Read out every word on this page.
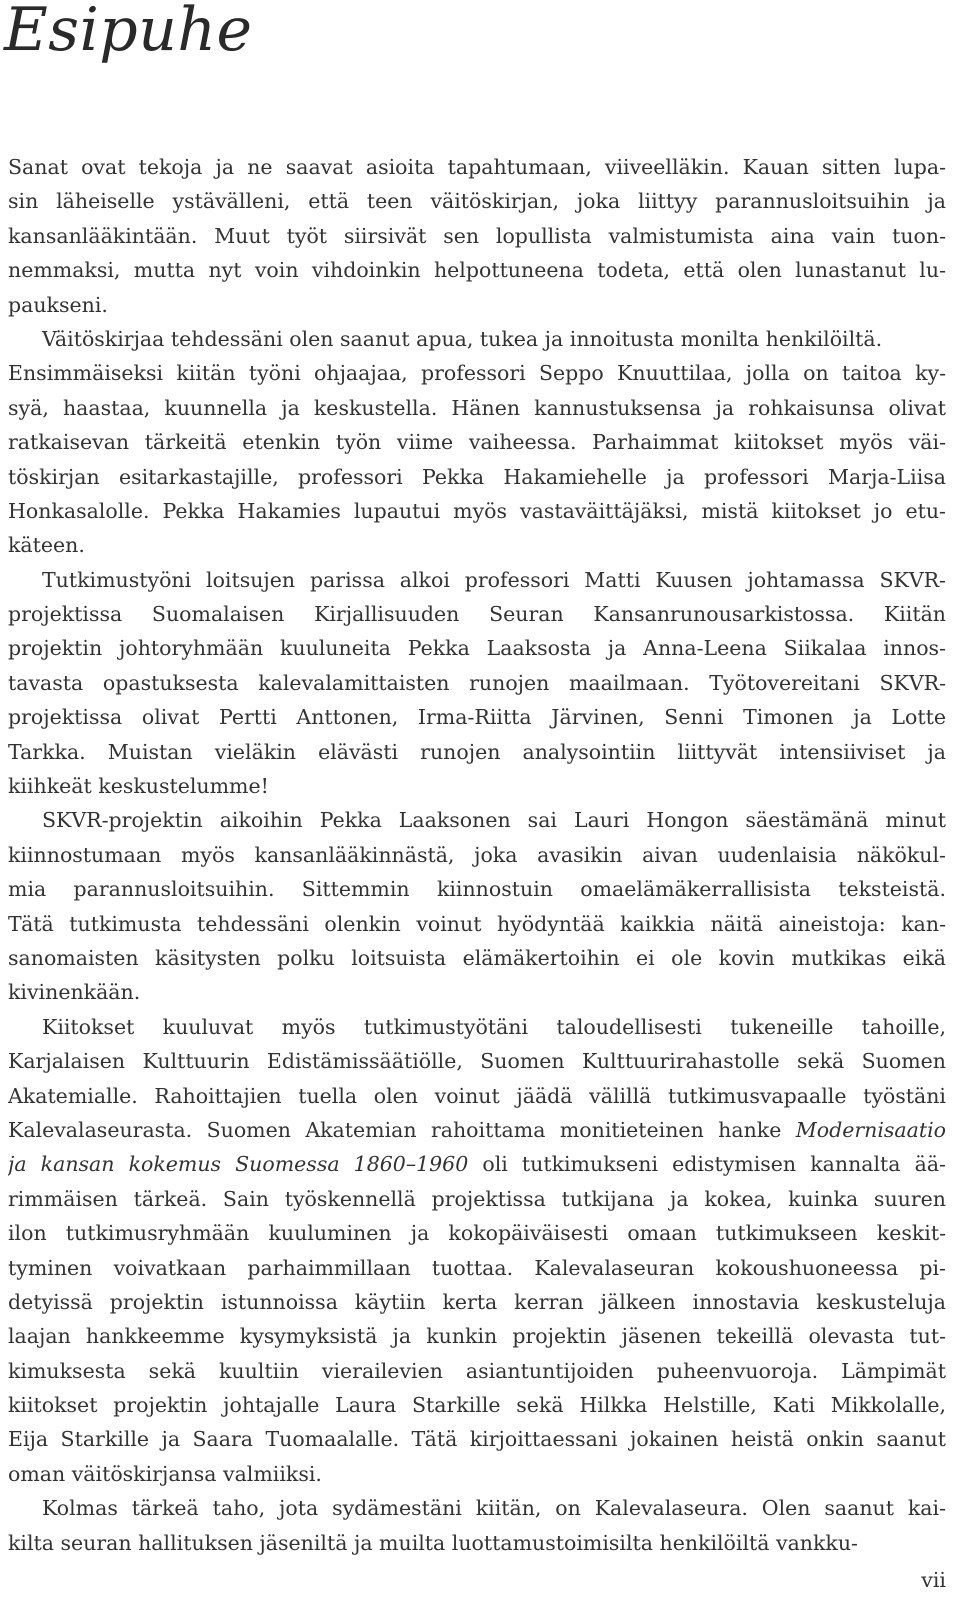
Esipuhe
Sanat ovat tekoja ja ne saavat asioita tapahtumaan, viiveelläkin. Kauan sitten lupa-
sin läheiselle ystävälleni, että teen väitöskirjan, joka liittyy parannusloitsuihin ja
kansanlääkintään. Muut työt siirsivät sen lopullista valmistumista aina vain tuon-
nemmaksi, mutta nyt voin vihdoinkin helpottuneena todeta, että olen lunastanut lu-
paukseni.
Väitöskirjaa tehdessäni olen saanut apua, tukea ja innoitusta monilta henkilöiltä.
Ensimmäiseksi kiitän työni ohjaajaa, professori Seppo Knuuttilaa, jolla on taitoa ky-
syä, haastaa, kuunnella ja keskustella. Hänen kannustuksensa ja rohkaisunsa olivat
ratkaisevan tärkeitä etenkin työn viime vaiheessa. Parhaimmat kiitokset myös väi-
töskirjan esitarkastajille, professori Pekka Hakamiehelle ja professori Marja-Liisa
Honkasalolle. Pekka Hakamies lupautui myös vastaväittäjäksi, mistä kiitokset jo etu-
käteen.
Tutkimustyöni loitsujen parissa alkoi professori Matti Kuusen johtamassa SKVR-
projektissa Suomalaisen Kirjallisuuden Seuran Kansanrunousarkistossa. Kiitän
projektin johtoryhmään kuuluneita Pekka Laaksosta ja Anna-Leena Siikalaa innos-
tavasta opastuksesta kalevalamittaisten runojen maailmaan. Työtovereitani SKVR-
projektissa olivat Pertti Anttonen, Irma-Riitta Järvinen, Senni Timonen ja Lotte
Tarkka. Muistan vieläkin elävästi runojen analysointiin liittyvät intensiiviset ja
kiihkeät keskustelumme!
SKVR-projektin aikoihin Pekka Laaksonen sai Lauri Hongon säestämänä minut
kiinnostumaan myös kansanlääkinnästä, joka avasikin aivan uudenlaisia näkökul-
mia parannusloitsuihin. Sittemmin kiinnostuin omaelämäkerrallisista teksteistä.
Tätä tutkimusta tehdessäni olenkin voinut hyödyntää kaikkia näitä aineistoja: kan-
sanomaisten käsitysten polku loitsuista elämäkertoihin ei ole kovin mutkikas eikä
kivinenkään.
Kiitokset kuuluvat myös tutkimustyötäni taloudellisesti tukeneille tahoille,
Karjalaisen Kulttuurin Edistämissäätiölle, Suomen Kulttuurirahastolle sekä Suomen
Akatemialle. Rahoittajien tuella olen voinut jäädä välillä tutkimusvapaalle työstäni
Kalevalaseurasta. Suomen Akatemian rahoittama monitieteinen hanke Modernisaatio
ja kansan kokemus Suomessa 1860–1960 oli tutkimukseni edistymisen kannalta ää-
rimmäisen tärkeä. Sain työskennellä projektissa tutkijana ja kokea, kuinka suuren
ilon tutkimusryhmään kuuluminen ja kokopäiväisesti omaan tutkimukseen keskit-
tyminen voivatkaan parhaimmillaan tuottaa. Kalevalaseuran kokoushuoneessa pi-
detyissä projektin istunnoissa käytiin kerta kerran jälkeen innostavia keskusteluja
laajan hankkeemme kysymyksistä ja kunkin projektin jäsenen tekeillä olevasta tut-
kimuksesta sekä kuultiin vierailevien asiantuntijoiden puheenvuoroja. Lämpimät
kiitokset projektin johtajalle Laura Starkille sekä Hilkka Helstille, Kati Mikkolalle,
Eija Starkille ja Saara Tuomaalalle. Tätä kirjoittaessani jokainen heistä onkin saanut
oman väitöskirjansa valmiiksi.
Kolmas tärkeä taho, jota sydämestäni kiitän, on Kalevalaseura. Olen saanut kai-
kilta seuran hallituksen jäseniltä ja muilta luottamustoimisilta henkilöiltä vankku-
vii
